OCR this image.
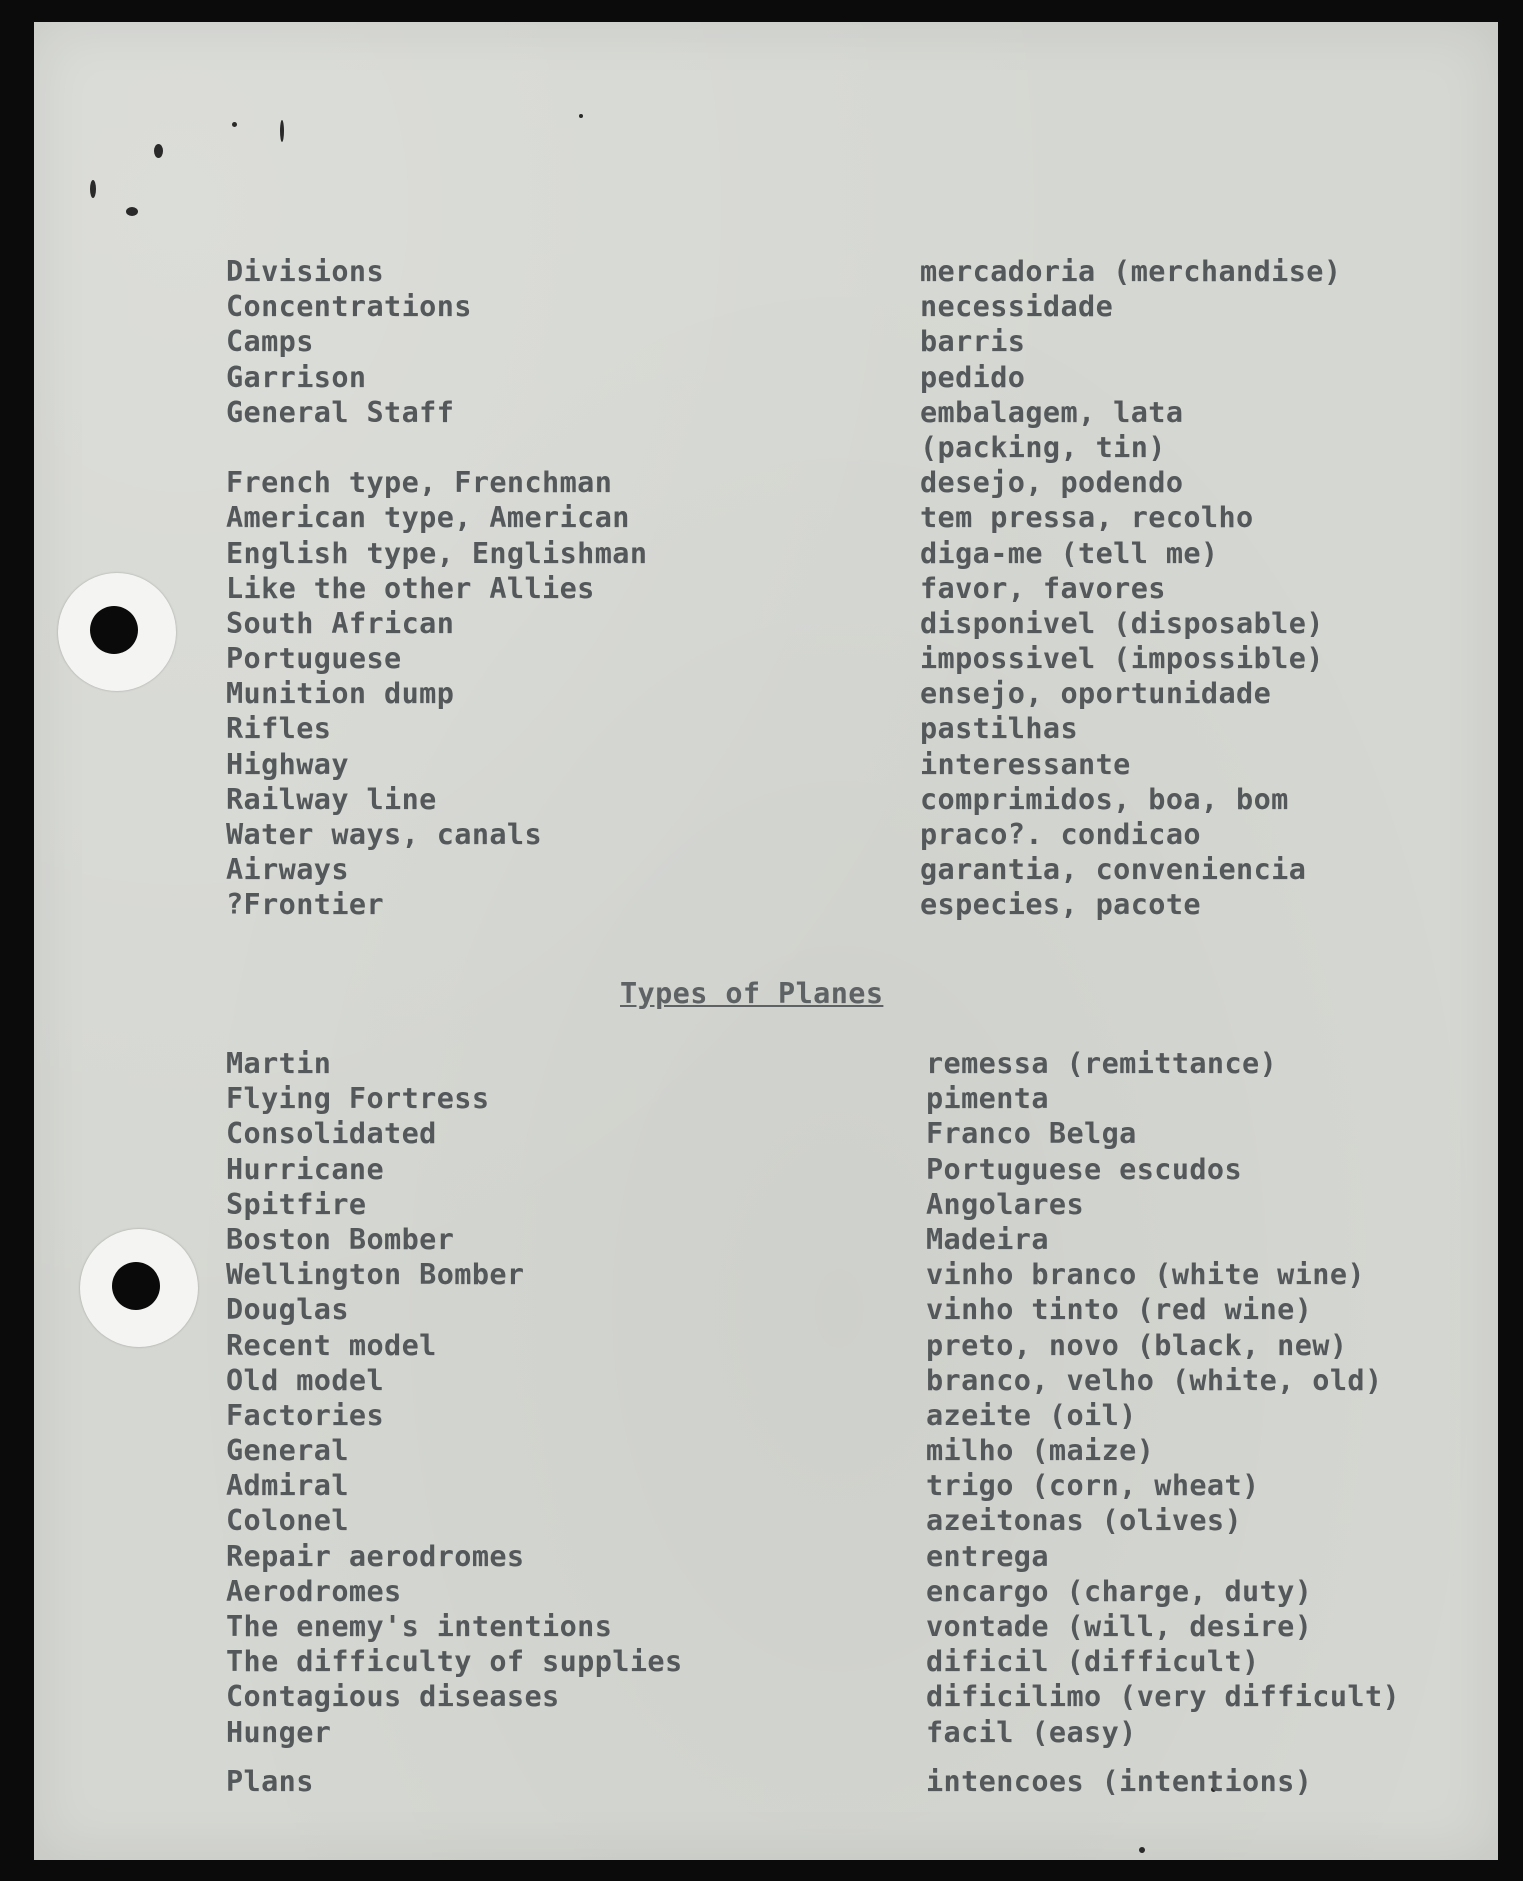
Divisions
Concentrations
Camps
Garrison
General Staff
French type, Frenchman
American type, American
English type, Englishman
Like the other Allies
South African
Portuguese
Munition dump
Rifles
Highway
Railway line
Water ways, canals
Airways
?Frontier
mercadoria (merchandise)
necessidade
barris
pedido
embalagem, lata
(packing, tin)
desejo, podendo
tem pressa, recolho
diga-me (tell me)
favor, favores
disponivel (disposable)
impossivel (impossible)
ensejo, oportunidade
pastilhas
interessante
comprimidos, boa, bom
praco?. condicao
garantia, conveniencia
especies, pacote
Types of Planes
Martin
Flying Fortress
Consolidated
Hurricane
Spitfire
Boston Bomber
Wellington Bomber
Douglas
Recent model
Old model
Factories
General
Admiral
Colonel
Repair aerodromes
Aerodromes
The enemy's intentions
The difficulty of supplies
Contagious diseases
Hunger
Plans
remessa (remittance)
pimenta
Franco Belga
Portuguese escudos
Angolares
Madeira
vinho branco (white wine)
vinho tinto (red wine)
preto, novo (black, new)
branco, velho (white, old)
azeite (oil)
milho (maize)
trigo (corn, wheat)
azeitonas (olives)
entrega
encargo (charge, duty)
vontade (will, desire)
dificil (difficult)
dificilimo (very difficult)
facil (easy)
intencoes (intentions)
